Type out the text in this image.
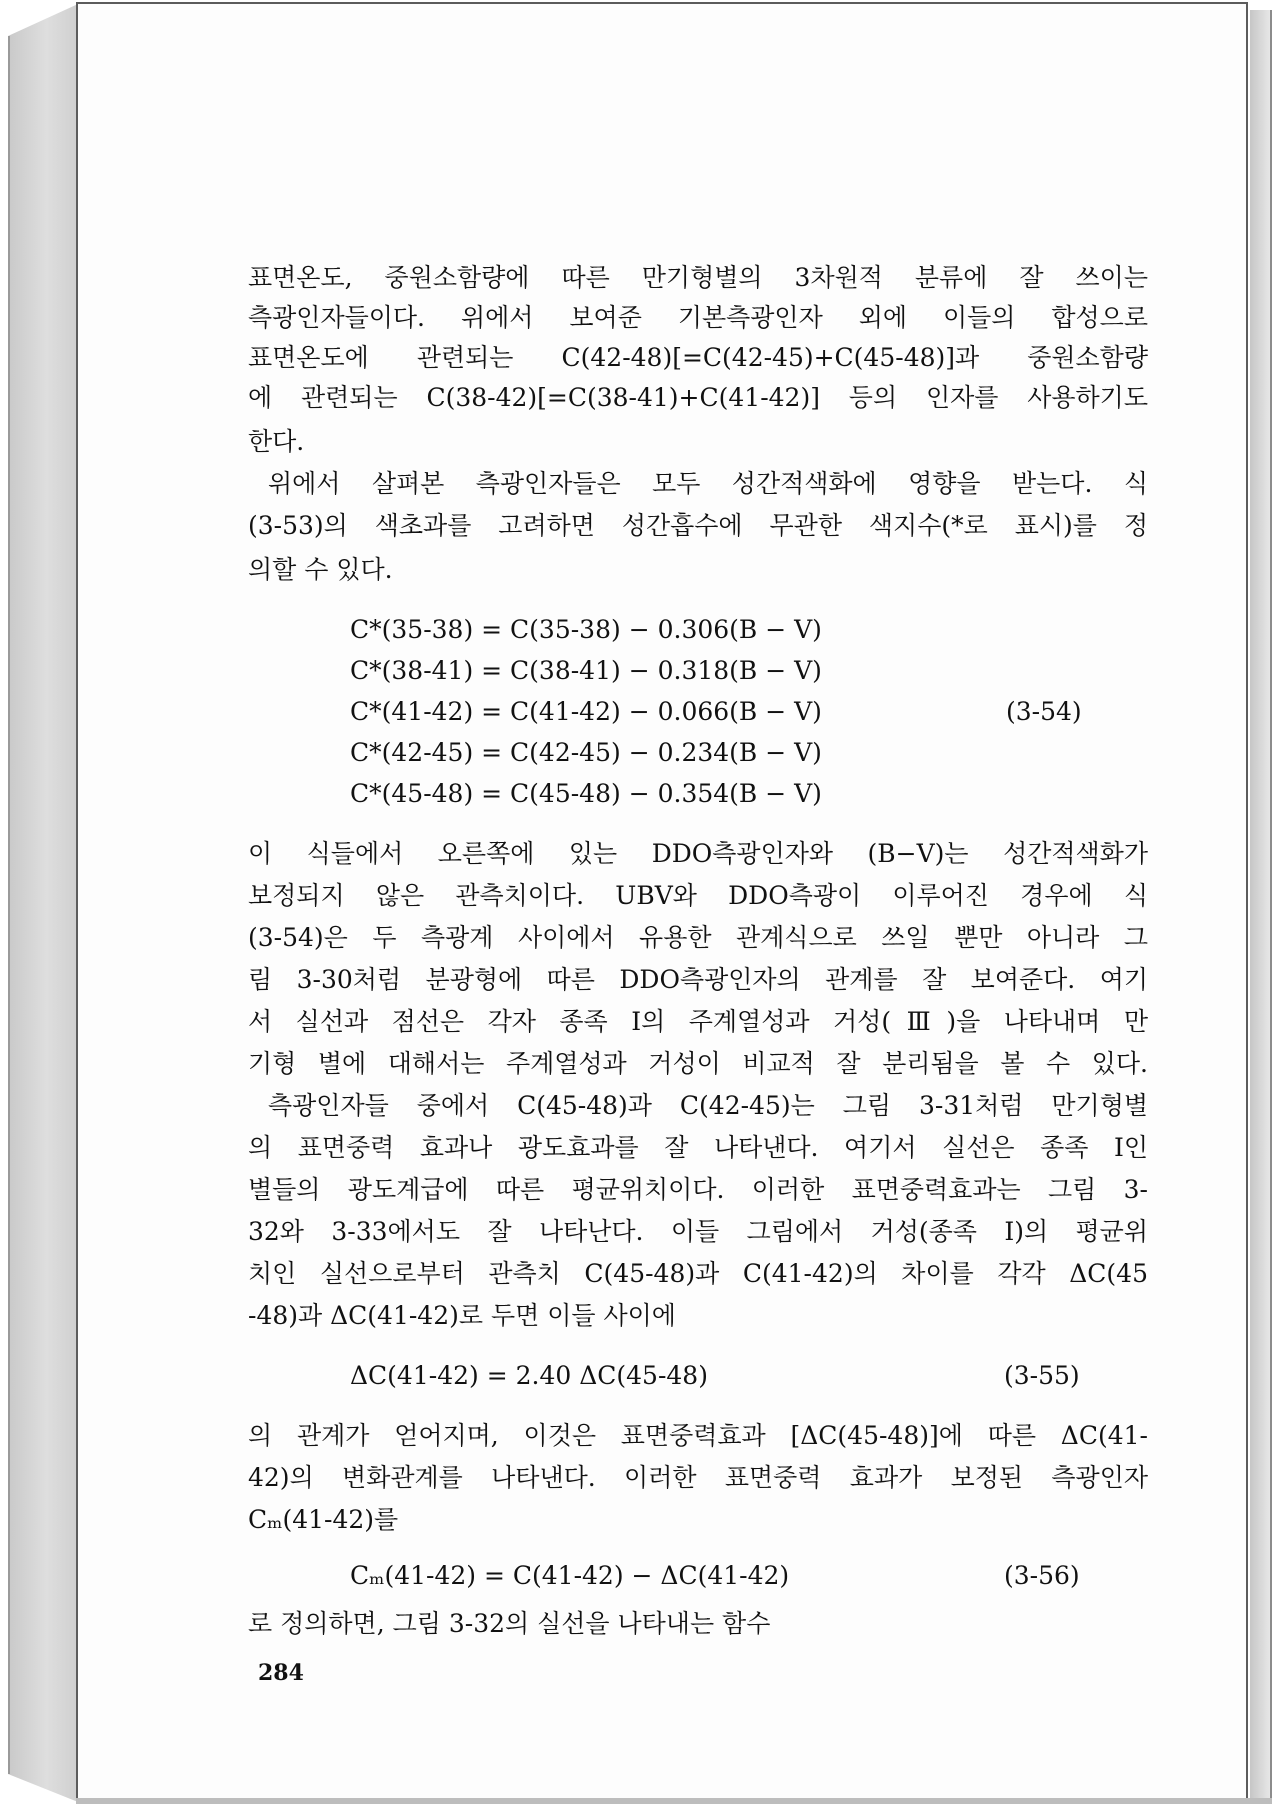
표면온도, 중원소함량에 따른 만기형별의 3차원적 분류에 잘 쓰이는
측광인자들이다. 위에서 보여준 기본측광인자 외에 이들의 합성으로
표면온도에 관련되는 C(42-48)[=C(42-45)+C(45-48)]과 중원소함량
에 관련되는 C(38-42)[=C(38-41)+C(41-42)] 등의 인자를 사용하기도
한다.
위에서 살펴본 측광인자들은 모두 성간적색화에 영향을 받는다. 식
(3-53)의 색초과를 고려하면 성간흡수에 무관한 색지수(*로 표시)를 정
의할 수 있다.
C*(35-38) = C(35-38) − 0.306(B − V)
C*(38-41) = C(38-41) − 0.318(B − V)
C*(41-42) = C(41-42) − 0.066(B − V)
C*(42-45) = C(42-45) − 0.234(B − V)
C*(45-48) = C(45-48) − 0.354(B − V)
(3-54)
이 식들에서 오른쪽에 있는 DDO측광인자와 (B−V)는 성간적색화가
보정되지 않은 관측치이다. UBV와 DDO측광이 이루어진 경우에 식
(3-54)은 두 측광계 사이에서 유용한 관계식으로 쓰일 뿐만 아니라 그
림 3-30처럼 분광형에 따른 DDO측광인자의 관계를 잘 보여준다. 여기
서 실선과 점선은 각자 종족 I의 주계열성과 거성(Ⅲ)을 나타내며 만
기형 별에 대해서는 주계열성과 거성이 비교적 잘 분리됨을 볼 수 있다.
측광인자들 중에서 C(45-48)과 C(42-45)는 그림 3-31처럼 만기형별
의 표면중력 효과나 광도효과를 잘 나타낸다. 여기서 실선은 종족 I인
별들의 광도계급에 따른 평균위치이다. 이러한 표면중력효과는 그림 3-
32와 3-33에서도 잘 나타난다. 이들 그림에서 거성(종족 I)의 평균위
치인 실선으로부터 관측치 C(45-48)과 C(41-42)의 차이를 각각 ΔC(45
-48)과 ΔC(41-42)로 두면 이들 사이에
ΔC(41-42) = 2.40 ΔC(45-48)	(3-55)
의 관계가 얻어지며, 이것은 표면중력효과 [ΔC(45-48)]에 따른 ΔC(41-
42)의 변화관계를 나타낸다. 이러한 표면중력 효과가 보정된 측광인자
Cₘ(41-42)를
Cₘ(41-42) = C(41-42) − ΔC(41-42)	(3-56)
로 정의하면, 그림 3-32의 실선을 나타내는 함수
284
